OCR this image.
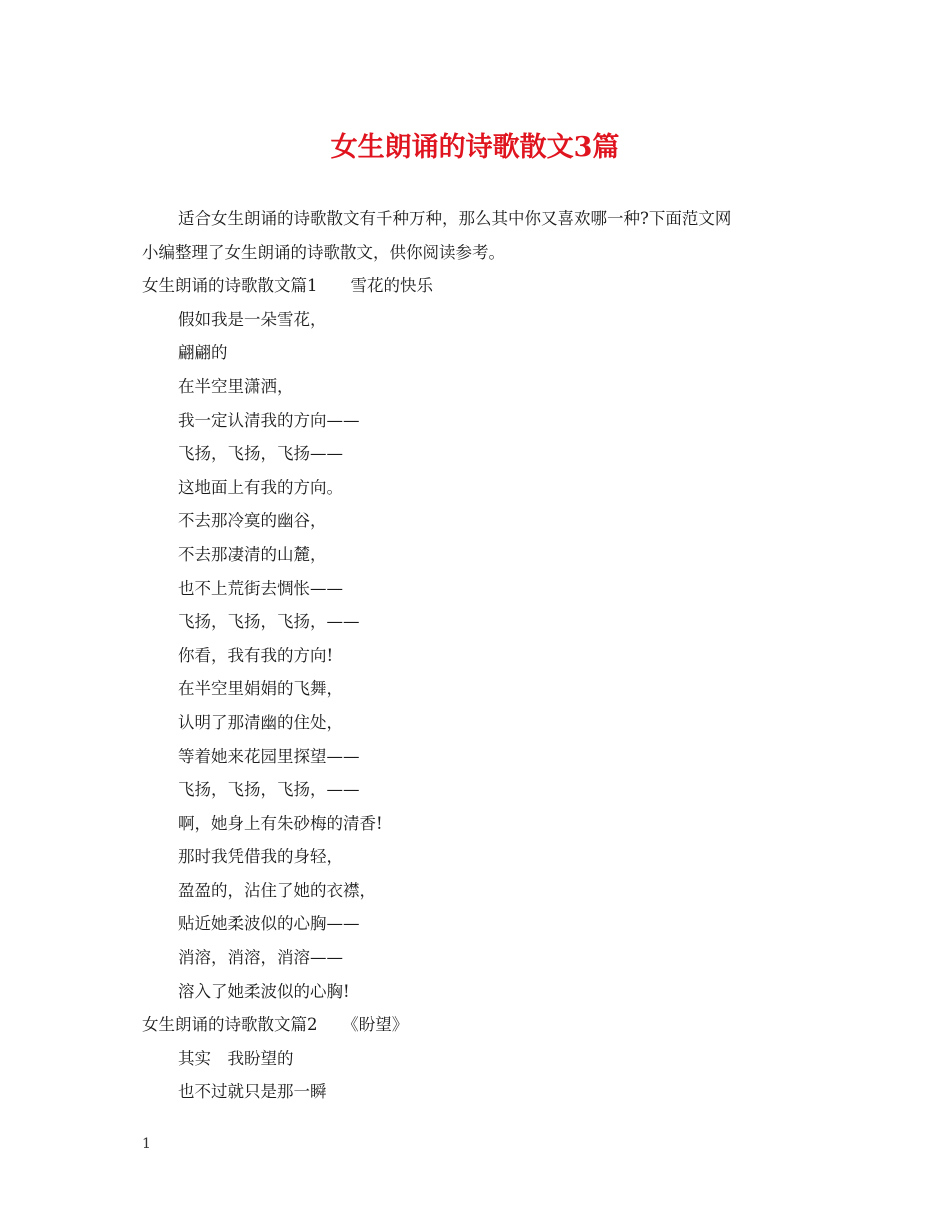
女生朗诵的诗歌散文3篇
适合女生朗诵的诗歌散文有千种万种，那么其中你又喜欢哪一种?下面范文网
小编整理了女生朗诵的诗歌散文，供你阅读参考。
女生朗诵的诗歌散文篇1　　雪花的快乐
假如我是一朵雪花，
翩翩的
在半空里潇洒，
我一定认清我的方向——
飞扬，飞扬，飞扬——
这地面上有我的方向。
不去那冷寞的幽谷，
不去那凄清的山麓，
也不上荒街去惆怅——
飞扬，飞扬，飞扬，——
你看，我有我的方向!
在半空里娟娟的飞舞，
认明了那清幽的住处，
等着她来花园里探望——
飞扬，飞扬，飞扬，——
啊，她身上有朱砂梅的清香!
那时我凭借我的身轻，
盈盈的，沾住了她的衣襟，
贴近她柔波似的心胸——
消溶，消溶，消溶——
溶入了她柔波似的心胸!
女生朗诵的诗歌散文篇2　　《盼望》
其实　我盼望的
也不过就只是那一瞬
1
